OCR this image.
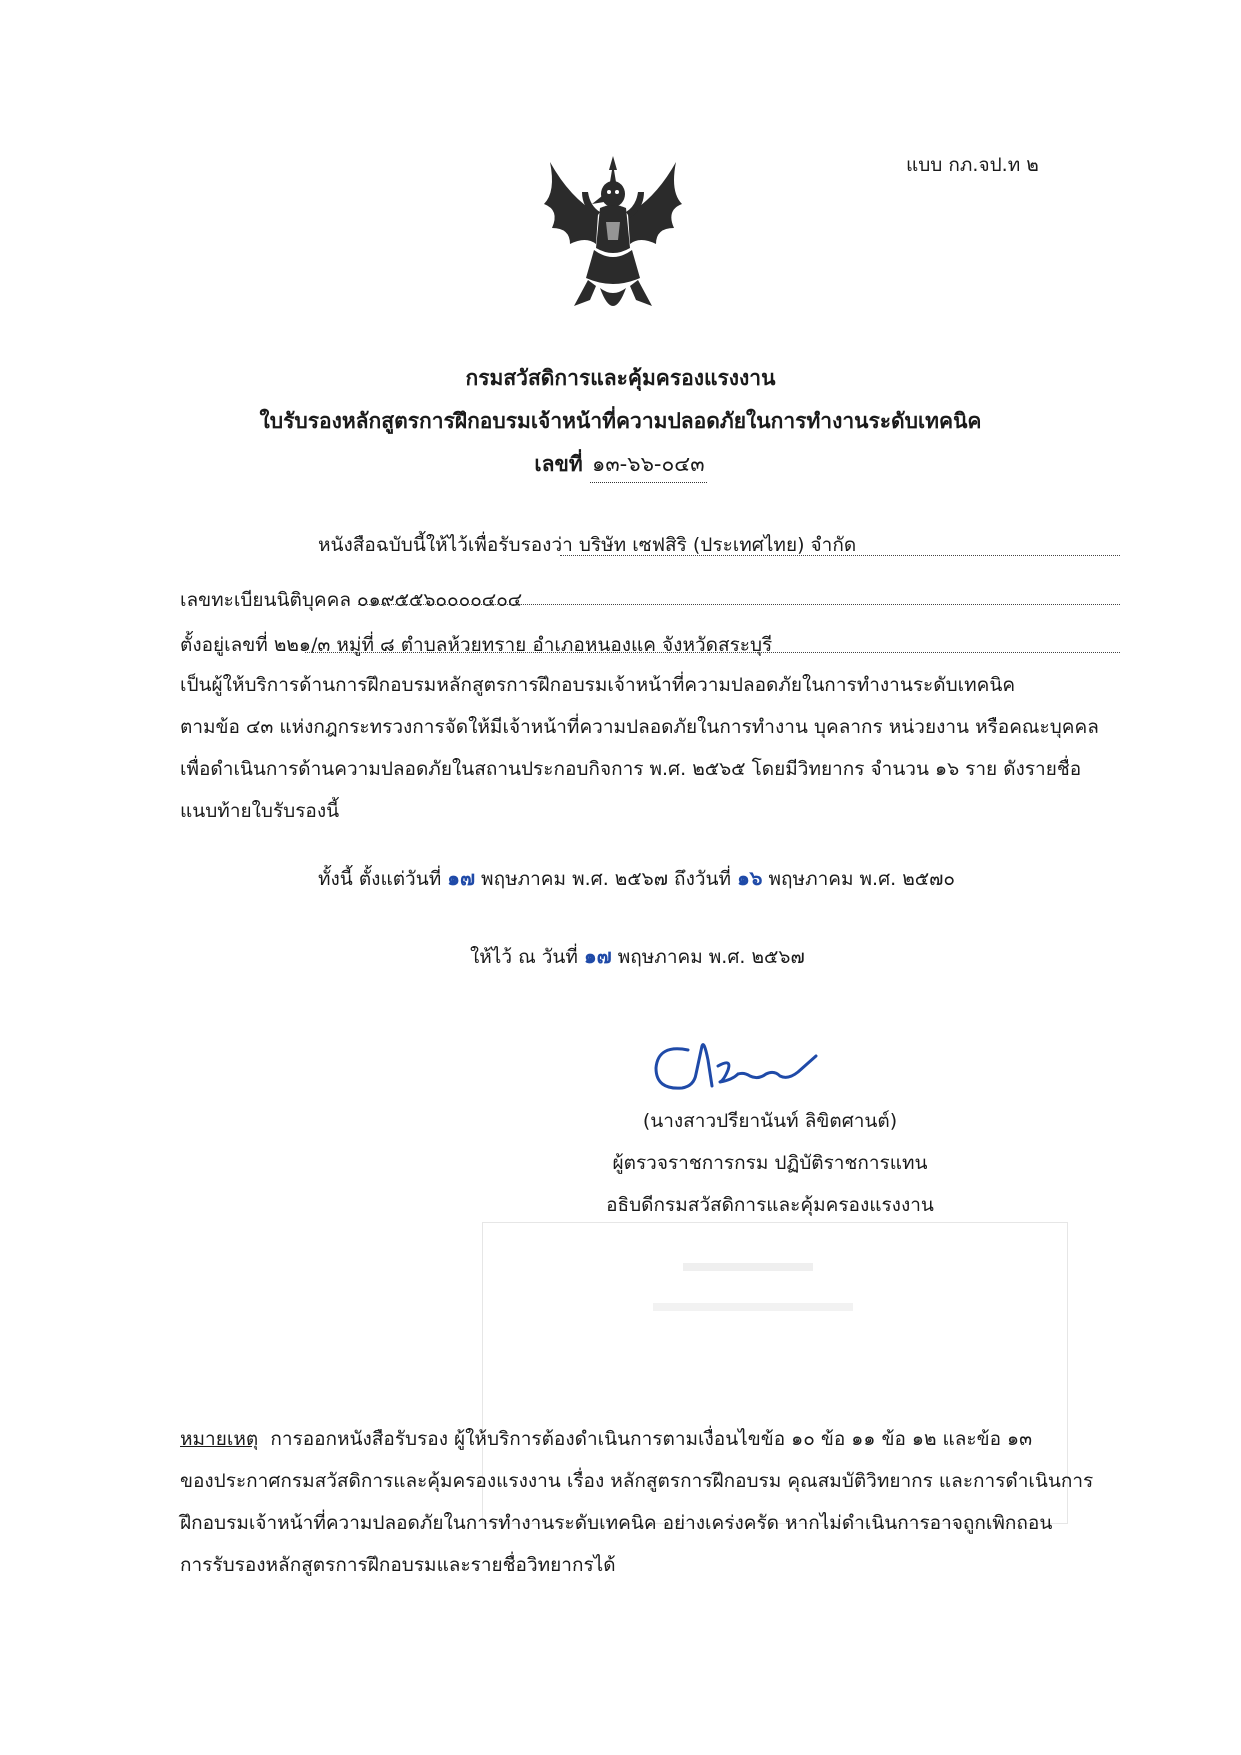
แบบ กภ.จป.ท ๒
กรมสวัสดิการและคุ้มครองแรงงาน
ใบรับรองหลักสูตรการฝึกอบรมเจ้าหน้าที่ความปลอดภัยในการทำงานระดับเทคนิค
เลขที่ ๑๓-๖๖-๐๔๓
หนังสือฉบับนี้ให้ไว้เพื่อรับรองว่า บริษัท เซฟสิริ (ประเทศไทย) จำกัด
เลขทะเบียนนิติบุคคล ๐๑๙๕๕๖๐๐๐๐๔๐๔
ตั้งอยู่เลขที่ ๒๒๑/๓ หมู่ที่ ๘ ตำบลห้วยทราย อำเภอหนองแค จังหวัดสระบุรี
เป็นผู้ให้บริการด้านการฝึกอบรมหลักสูตรการฝึกอบรมเจ้าหน้าที่ความปลอดภัยในการทำงานระดับเทคนิค
ตามข้อ ๔๓ แห่งกฎกระทรวงการจัดให้มีเจ้าหน้าที่ความปลอดภัยในการทำงาน บุคลากร หน่วยงาน หรือคณะบุคคล
เพื่อดำเนินการด้านความปลอดภัยในสถานประกอบกิจการ พ.ศ. ๒๕๖๕ โดยมีวิทยากร จำนวน ๑๖ ราย ดังรายชื่อ
แนบท้ายใบรับรองนี้
ทั้งนี้ ตั้งแต่วันที่ ๑๗ พฤษภาคม พ.ศ. ๒๕๖๗ ถึงวันที่ ๑๖ พฤษภาคม พ.ศ. ๒๕๗๐
ให้ไว้ ณ วันที่ ๑๗ พฤษภาคม พ.ศ. ๒๕๖๗
(นางสาวปรียานันท์ ลิขิตศานต์)
ผู้ตรวจราชการกรม ปฏิบัติราชการแทน
อธิบดีกรมสวัสดิการและคุ้มครองแรงงาน
หมายเหตุ การออกหนังสือรับรอง ผู้ให้บริการต้องดำเนินการตามเงื่อนไขข้อ ๑๐ ข้อ ๑๑ ข้อ ๑๒ และข้อ ๑๓
ของประกาศกรมสวัสดิการและคุ้มครองแรงงาน เรื่อง หลักสูตรการฝึกอบรม คุณสมบัติวิทยากร และการดำเนินการ
ฝึกอบรมเจ้าหน้าที่ความปลอดภัยในการทำงานระดับเทคนิค อย่างเคร่งครัด หากไม่ดำเนินการอาจถูกเพิกถอน
การรับรองหลักสูตรการฝึกอบรมและรายชื่อวิทยากรได้
